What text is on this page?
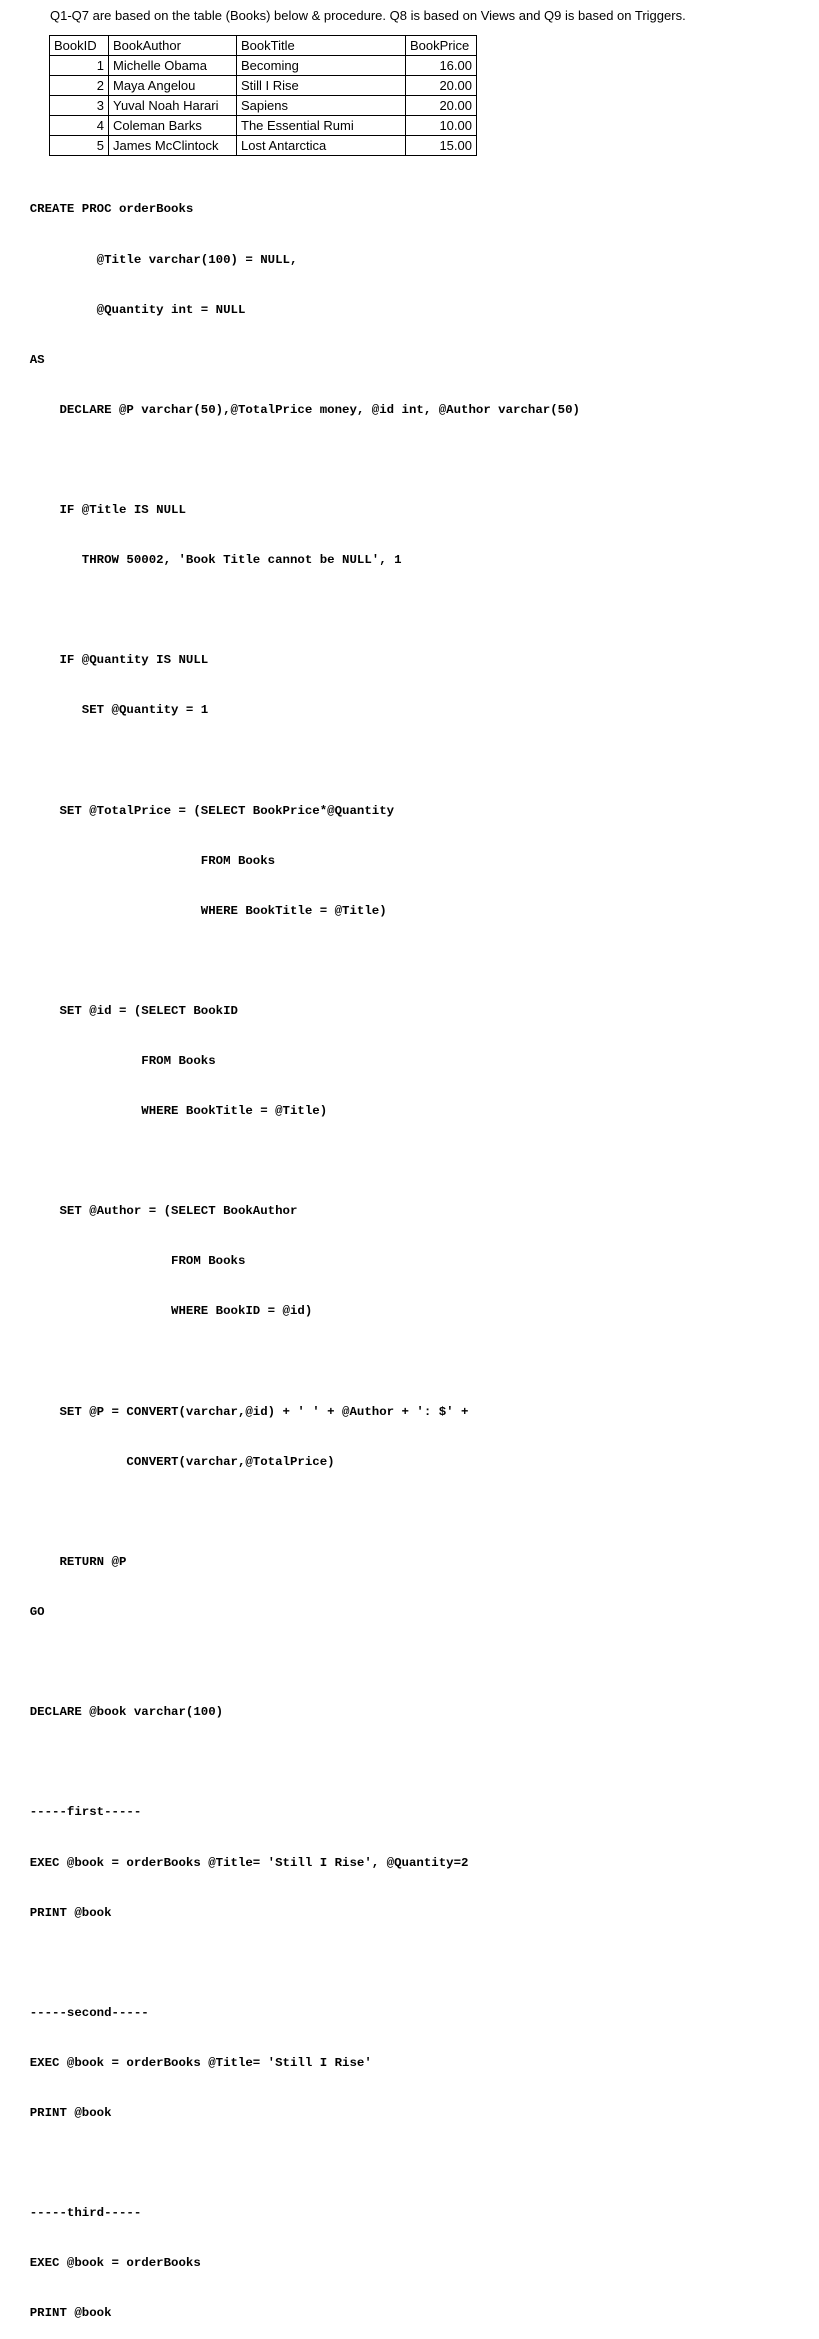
Q1-Q7 are based on the table (Books) below & procedure. Q8 is based on Views and Q9 is based on Triggers.
BookID	BookAuthor	BookTitle	BookPrice
1	Michelle Obama	Becoming	16.00
2	Maya Angelou	Still I Rise	20.00
3	Yuval Noah Harari	Sapiens	20.00
4	Coleman Barks	The Essential Rumi	10.00
5	James McClintock	Lost Antarctica	15.00

CREATE PROC orderBooks

@Title varchar(100) = NULL,

@Quantity int = NULL

AS

DECLARE @P varchar(50),@TotalPrice money, @id int, @Author varchar(50)

IF @Title IS NULL

THROW 50002, 'Book Title cannot be NULL', 1

IF @Quantity IS NULL

SET @Quantity = 1

SET @TotalPrice = (SELECT BookPrice*@Quantity

FROM Books

WHERE BookTitle = @Title)

SET @id = (SELECT BookID

FROM Books

WHERE BookTitle = @Title)

SET @Author = (SELECT BookAuthor

FROM Books

WHERE BookID = @id)

SET @P = CONVERT(varchar,@id) + ' ' + @Author + ': $' +

CONVERT(varchar,@TotalPrice)

RETURN @P

GO

DECLARE @book varchar(100)

-----first-----

EXEC @book = orderBooks @Title= 'Still I Rise', @Quantity=2

PRINT @book

-----second-----

EXEC @book = orderBooks @Title= 'Still I Rise'

PRINT @book

-----third-----

EXEC @book = orderBooks

PRINT @book
